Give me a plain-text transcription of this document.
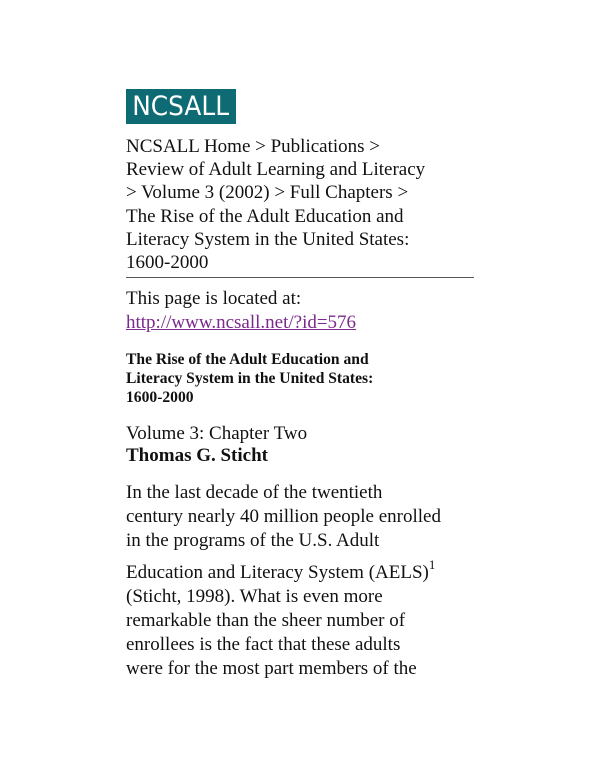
NCSALL
NCSALL Home > Publications >
Review of Adult Learning and Literacy
> Volume 3 (2002) > Full Chapters >
The Rise of the Adult Education and
Literacy System in the United States:
1600-2000
This page is located at:
http://www.ncsall.net/?id=576
The Rise of the Adult Education and
Literacy System in the United States:
1600-2000
Volume 3: Chapter Two
Thomas G. Sticht
In the last decade of the twentieth
century nearly 40 million people enrolled
in the programs of the U.S. Adult
Education and Literacy System (AELS)$^1$
(Sticht, 1998). What is even more
remarkable than the sheer number of
enrollees is the fact that these adults
were for the most part members of the
